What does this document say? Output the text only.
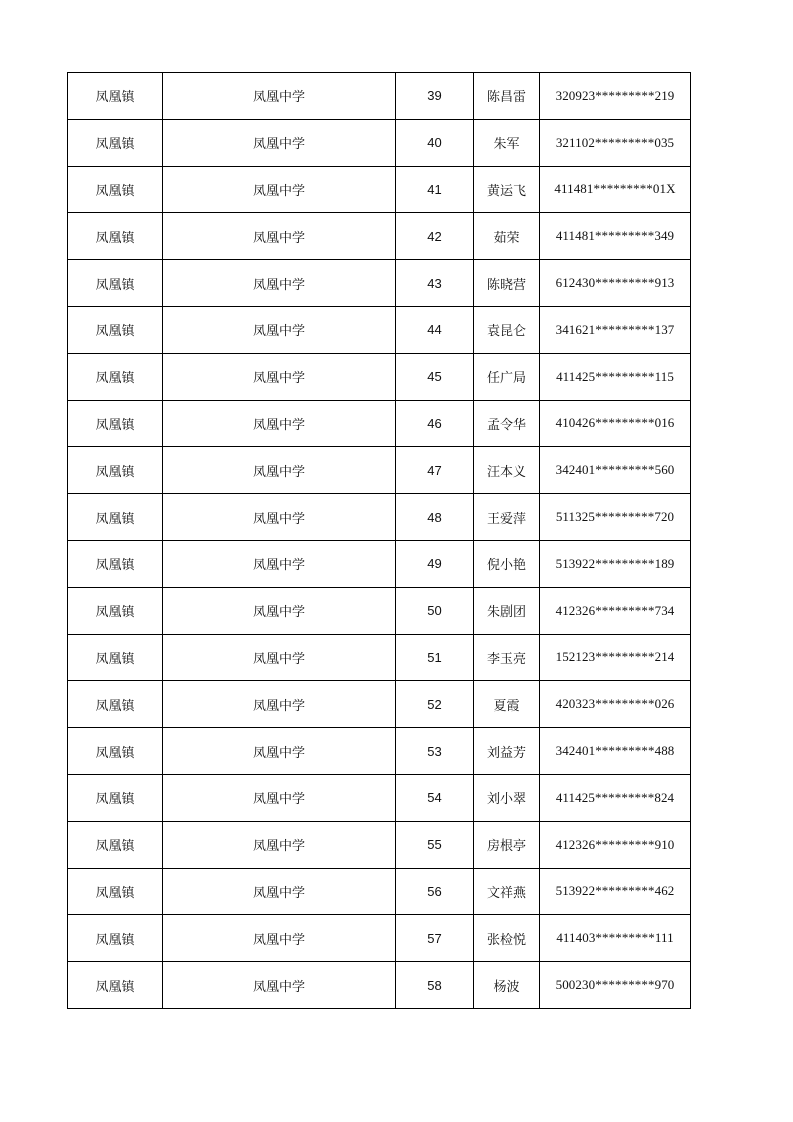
凤凰镇	凤凰中学	39	陈昌雷	320923*********219
凤凰镇	凤凰中学	40	朱军	321102*********035
凤凰镇	凤凰中学	41	黄运飞	411481*********01X
凤凰镇	凤凰中学	42	茹荣	411481*********349
凤凰镇	凤凰中学	43	陈晓营	612430*********913
凤凰镇	凤凰中学	44	袁昆仑	341621*********137
凤凰镇	凤凰中学	45	任广局	411425*********115
凤凰镇	凤凰中学	46	孟令华	410426*********016
凤凰镇	凤凰中学	47	汪本义	342401*********560
凤凰镇	凤凰中学	48	王爱萍	511325*********720
凤凰镇	凤凰中学	49	倪小艳	513922*********189
凤凰镇	凤凰中学	50	朱剧团	412326*********734
凤凰镇	凤凰中学	51	李玉亮	152123*********214
凤凰镇	凤凰中学	52	夏霞	420323*********026
凤凰镇	凤凰中学	53	刘益芳	342401*********488
凤凰镇	凤凰中学	54	刘小翠	411425*********824
凤凰镇	凤凰中学	55	房根亭	412326*********910
凤凰镇	凤凰中学	56	文祥燕	513922*********462
凤凰镇	凤凰中学	57	张检悦	411403*********111
凤凰镇	凤凰中学	58	杨波	500230*********970
